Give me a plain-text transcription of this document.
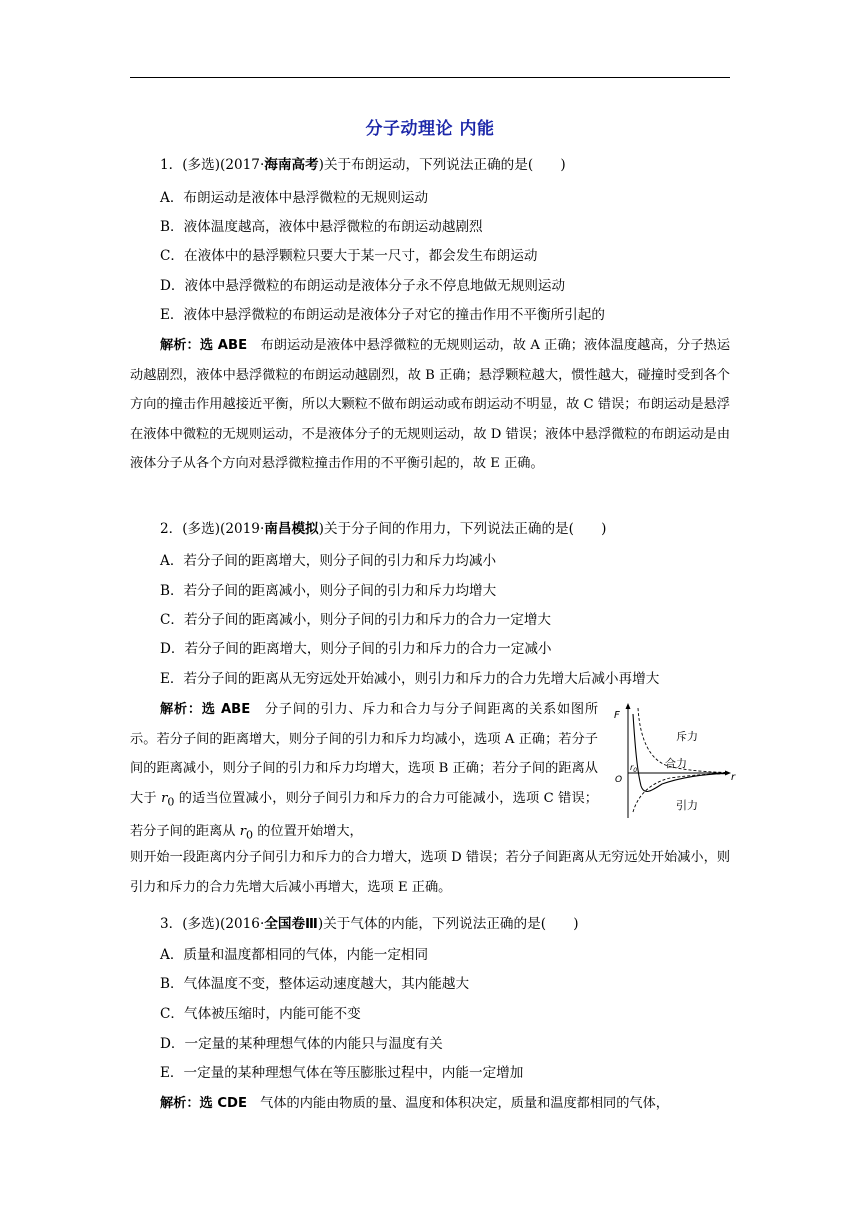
分子动理论 内能
1．(多选)(2017·海南高考)关于布朗运动，下列说法正确的是(　　)
A．布朗运动是液体中悬浮微粒的无规则运动
B．液体温度越高，液体中悬浮微粒的布朗运动越剧烈
C．在液体中的悬浮颗粒只要大于某一尺寸，都会发生布朗运动
D．液体中悬浮微粒的布朗运动是液体分子永不停息地做无规则运动
E．液体中悬浮微粒的布朗运动是液体分子对它的撞击作用不平衡所引起的
解析：选 ABE　布朗运动是液体中悬浮微粒的无规则运动，故 A 正确；液体温度越高，分子热运动越剧烈，液体中悬浮微粒的布朗运动越剧烈，故 B 正确；悬浮颗粒越大，惯性越大，碰撞时受到各个方向的撞击作用越接近平衡，所以大颗粒不做布朗运动或布朗运动不明显，故 C 错误；布朗运动是悬浮在液体中微粒的无规则运动，不是液体分子的无规则运动，故 D 错误；液体中悬浮微粒的布朗运动是由液体分子从各个方向对悬浮微粒撞击作用的不平衡引起的，故 E 正确。
2．(多选)(2019·南昌模拟)关于分子间的作用力，下列说法正确的是(　　)
A．若分子间的距离增大，则分子间的引力和斥力均减小
B．若分子间的距离减小，则分子间的引力和斥力均增大
C．若分子间的距离减小，则分子间的引力和斥力的合力一定增大
D．若分子间的距离增大，则分子间的引力和斥力的合力一定减小
E．若分子间的距离从无穷远处开始减小，则引力和斥力的合力先增大后减小再增大
解析：选 ABE　分子间的引力、斥力和合力与分子间距离的关系如图所示。若分子间的距离增大，则分子间的引力和斥力均减小，选项 A 正确；若分子间的距离减小，则分子间的引力和斥力均增大，选项 B 正确；若分子间的距离从大于 $r_0$ 的适当位置减小，则分子间引力和斥力的合力可能减小，选项 C 错误；若分子间的距离从 $r_0$ 的位置开始增大，
则开始一段距离内分子间引力和斥力的合力增大，选项 D 错误；若分子间距离从无穷远处开始减小，则引力和斥力的合力先增大后减小再增大，选项 E 正确。
F
r
O
$r_0$
斥力
合力
引力
3．(多选)(2016·全国卷Ⅲ)关于气体的内能，下列说法正确的是(　　)
A．质量和温度都相同的气体，内能一定相同
B．气体温度不变，整体运动速度越大，其内能越大
C．气体被压缩时，内能可能不变
D．一定量的某种理想气体的内能只与温度有关
E．一定量的某种理想气体在等压膨胀过程中，内能一定增加
解析：选 CDE　气体的内能由物质的量、温度和体积决定，质量和温度都相同的气体，
